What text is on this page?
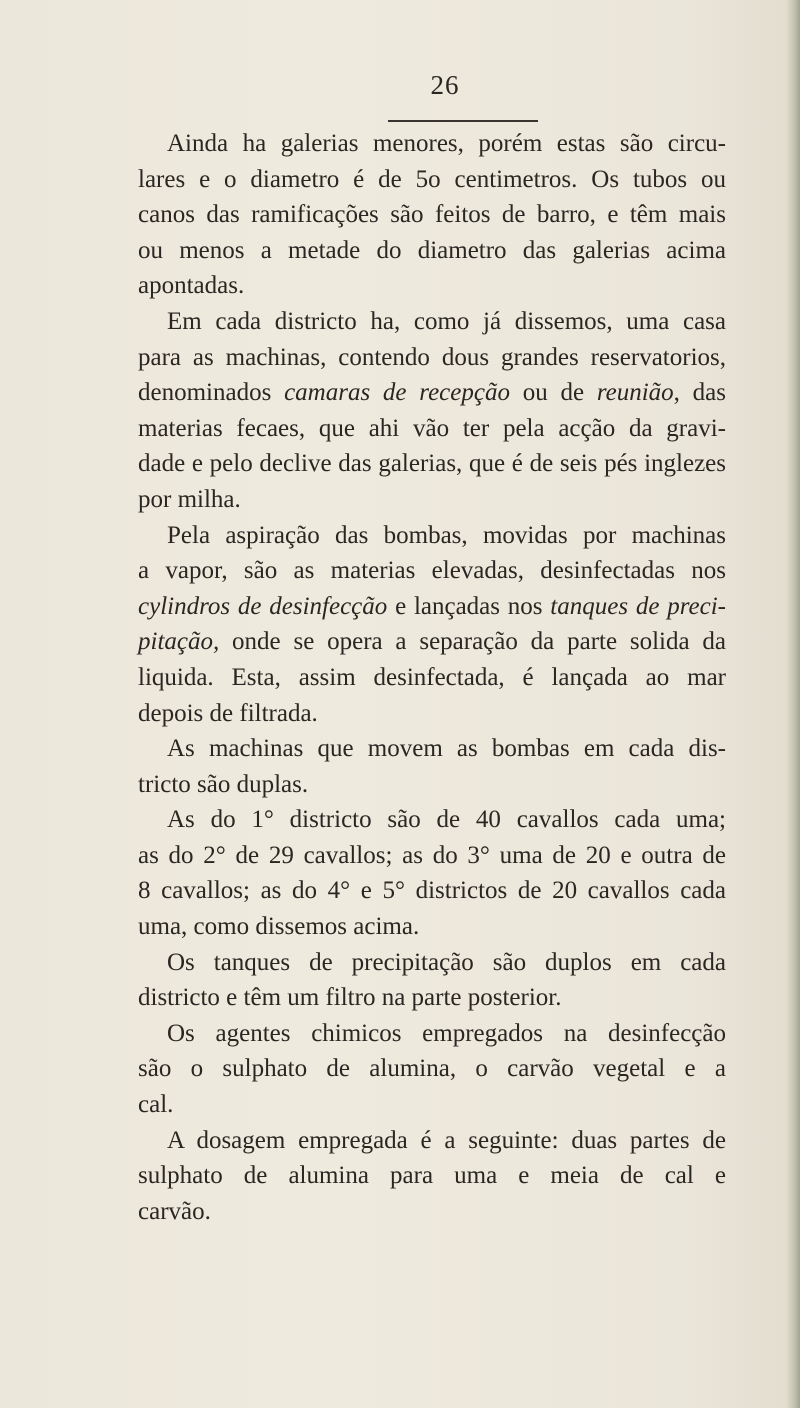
26
Ainda ha galerias menores, porém estas são circu-
lares e o diametro é de 5o centimetros. Os tubos ou
canos das ramificações são feitos de barro, e têm mais
ou menos a metade do diametro das galerias acima
apontadas.
Em cada districto ha, como já dissemos, uma casa
para as machinas, contendo dous grandes reservatorios,
denominados camaras de recepção ou de reunião, das
materias fecaes, que ahi vão ter pela acção da gravi-
dade e pelo declive das galerias, que é de seis pés inglezes
por milha.
Pela aspiração das bombas, movidas por machinas
a vapor, são as materias elevadas, desinfectadas nos
cylindros de desinfecção e lançadas nos tanques de preci-
pitação, onde se opera a separação da parte solida da
liquida. Esta, assim desinfectada, é lançada ao mar
depois de filtrada.
As machinas que movem as bombas em cada dis-
tricto são duplas.
As do 1° districto são de 40 cavallos cada uma;
as do 2° de 29 cavallos; as do 3° uma de 20 e outra de
8 cavallos; as do 4° e 5° districtos de 20 cavallos cada
uma, como dissemos acima.
Os tanques de precipitação são duplos em cada
districto e têm um filtro na parte posterior.
Os agentes chimicos empregados na desinfecção
são o sulphato de alumina, o carvão vegetal e a
cal.
A dosagem empregada é a seguinte: duas partes de
sulphato de alumina para uma e meia de cal e
carvão.
